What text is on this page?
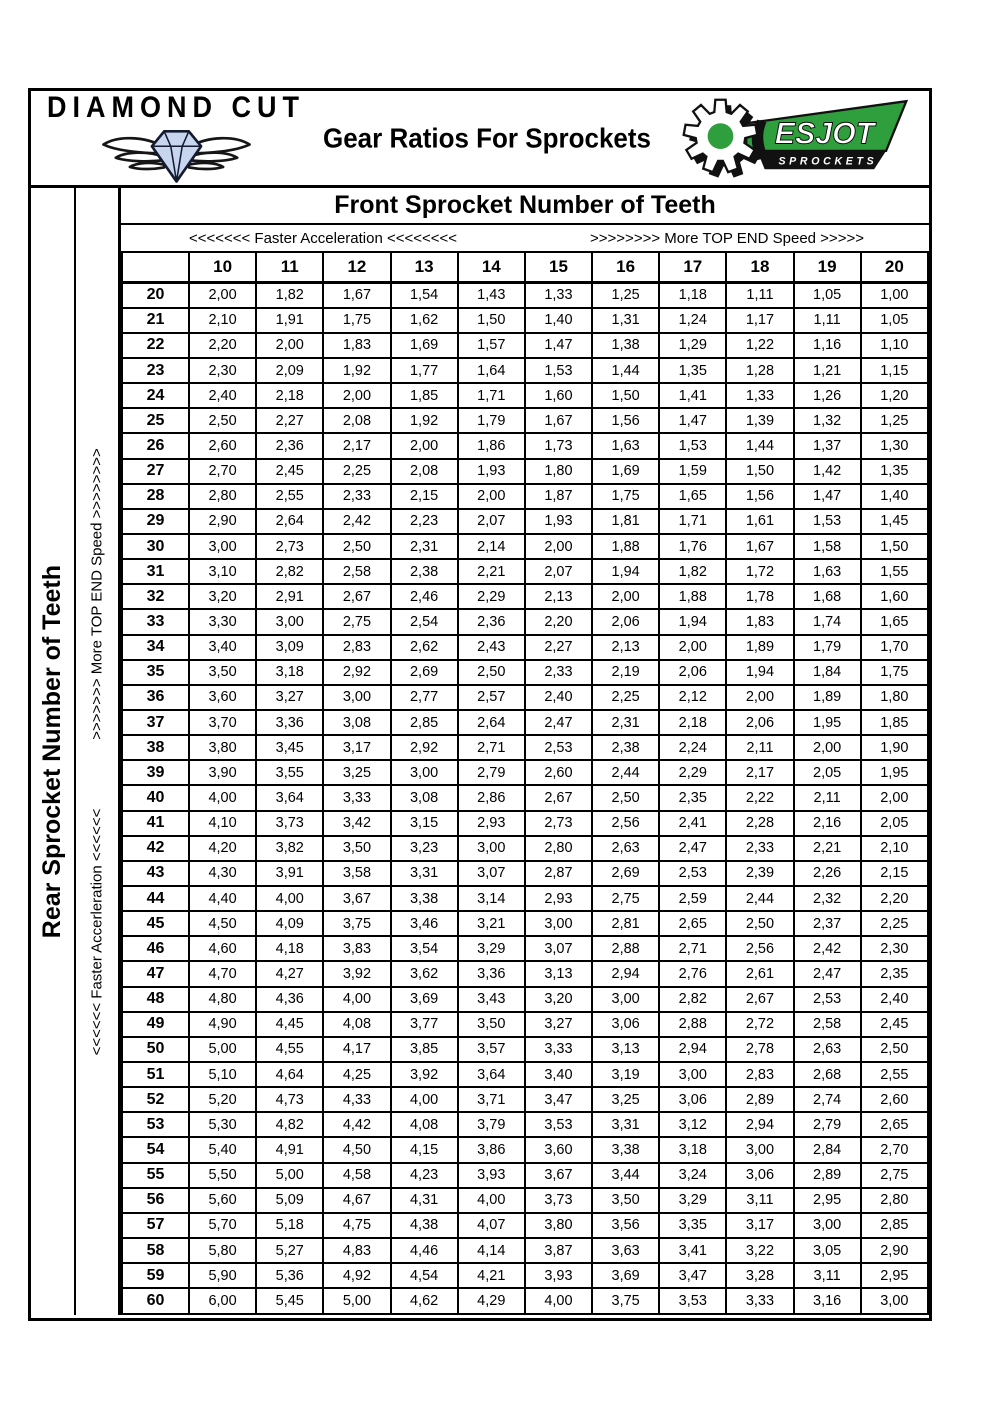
DIAMOND CUT
Gear Ratios For Sprockets	ESJOT
SPROCKETS
Rear Sprocket Number of Teeth >>>>>>> More TOP END Speed >>>>>>>>
<<<<<< Faster Accerleration <<<<<<
Front Sprocket Number of Teeth
<<<<<<< Faster Acceleration <<<<<<<<	>>>>>>>> More TOP END Speed >>>>>
	10	11	12	13	14	15	16	17	18	19	20
20	2,00	1,82	1,67	1,54	1,43	1,33	1,25	1,18	1,11	1,05	1,00
21	2,10	1,91	1,75	1,62	1,50	1,40	1,31	1,24	1,17	1,11	1,05
22	2,20	2,00	1,83	1,69	1,57	1,47	1,38	1,29	1,22	1,16	1,10
23	2,30	2,09	1,92	1,77	1,64	1,53	1,44	1,35	1,28	1,21	1,15
24	2,40	2,18	2,00	1,85	1,71	1,60	1,50	1,41	1,33	1,26	1,20
25	2,50	2,27	2,08	1,92	1,79	1,67	1,56	1,47	1,39	1,32	1,25
26	2,60	2,36	2,17	2,00	1,86	1,73	1,63	1,53	1,44	1,37	1,30
27	2,70	2,45	2,25	2,08	1,93	1,80	1,69	1,59	1,50	1,42	1,35
28	2,80	2,55	2,33	2,15	2,00	1,87	1,75	1,65	1,56	1,47	1,40
29	2,90	2,64	2,42	2,23	2,07	1,93	1,81	1,71	1,61	1,53	1,45
30	3,00	2,73	2,50	2,31	2,14	2,00	1,88	1,76	1,67	1,58	1,50
31	3,10	2,82	2,58	2,38	2,21	2,07	1,94	1,82	1,72	1,63	1,55
32	3,20	2,91	2,67	2,46	2,29	2,13	2,00	1,88	1,78	1,68	1,60
33	3,30	3,00	2,75	2,54	2,36	2,20	2,06	1,94	1,83	1,74	1,65
34	3,40	3,09	2,83	2,62	2,43	2,27	2,13	2,00	1,89	1,79	1,70
35	3,50	3,18	2,92	2,69	2,50	2,33	2,19	2,06	1,94	1,84	1,75
36	3,60	3,27	3,00	2,77	2,57	2,40	2,25	2,12	2,00	1,89	1,80
37	3,70	3,36	3,08	2,85	2,64	2,47	2,31	2,18	2,06	1,95	1,85
38	3,80	3,45	3,17	2,92	2,71	2,53	2,38	2,24	2,11	2,00	1,90
39	3,90	3,55	3,25	3,00	2,79	2,60	2,44	2,29	2,17	2,05	1,95
40	4,00	3,64	3,33	3,08	2,86	2,67	2,50	2,35	2,22	2,11	2,00
41	4,10	3,73	3,42	3,15	2,93	2,73	2,56	2,41	2,28	2,16	2,05
42	4,20	3,82	3,50	3,23	3,00	2,80	2,63	2,47	2,33	2,21	2,10
43	4,30	3,91	3,58	3,31	3,07	2,87	2,69	2,53	2,39	2,26	2,15
44	4,40	4,00	3,67	3,38	3,14	2,93	2,75	2,59	2,44	2,32	2,20
45	4,50	4,09	3,75	3,46	3,21	3,00	2,81	2,65	2,50	2,37	2,25
46	4,60	4,18	3,83	3,54	3,29	3,07	2,88	2,71	2,56	2,42	2,30
47	4,70	4,27	3,92	3,62	3,36	3,13	2,94	2,76	2,61	2,47	2,35
48	4,80	4,36	4,00	3,69	3,43	3,20	3,00	2,82	2,67	2,53	2,40
49	4,90	4,45	4,08	3,77	3,50	3,27	3,06	2,88	2,72	2,58	2,45
50	5,00	4,55	4,17	3,85	3,57	3,33	3,13	2,94	2,78	2,63	2,50
51	5,10	4,64	4,25	3,92	3,64	3,40	3,19	3,00	2,83	2,68	2,55
52	5,20	4,73	4,33	4,00	3,71	3,47	3,25	3,06	2,89	2,74	2,60
53	5,30	4,82	4,42	4,08	3,79	3,53	3,31	3,12	2,94	2,79	2,65
54	5,40	4,91	4,50	4,15	3,86	3,60	3,38	3,18	3,00	2,84	2,70
55	5,50	5,00	4,58	4,23	3,93	3,67	3,44	3,24	3,06	2,89	2,75
56	5,60	5,09	4,67	4,31	4,00	3,73	3,50	3,29	3,11	2,95	2,80
57	5,70	5,18	4,75	4,38	4,07	3,80	3,56	3,35	3,17	3,00	2,85
58	5,80	5,27	4,83	4,46	4,14	3,87	3,63	3,41	3,22	3,05	2,90
59	5,90	5,36	4,92	4,54	4,21	3,93	3,69	3,47	3,28	3,11	2,95
60	6,00	5,45	5,00	4,62	4,29	4,00	3,75	3,53	3,33	3,16	3,00
